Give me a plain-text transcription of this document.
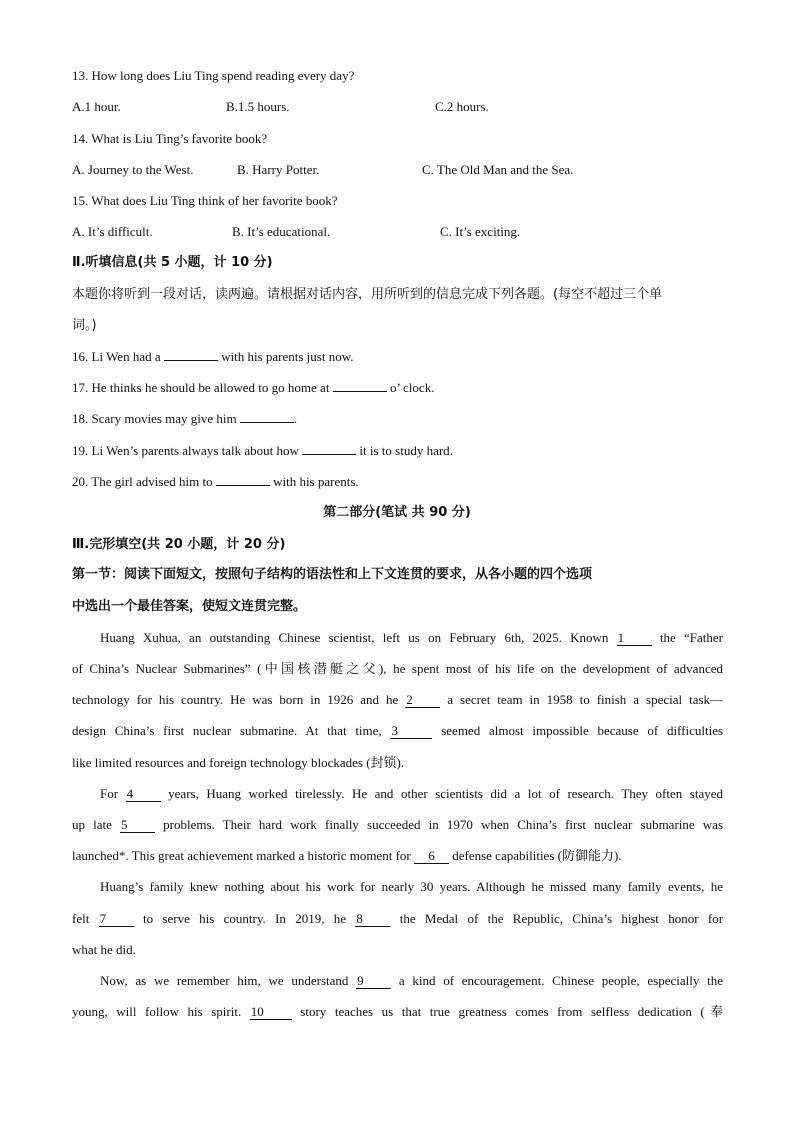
13. How long does Liu Ting spend reading every day?
A.1 hour.	B.1.5 hours.	C.2 hours.
14. What is Liu Ting’s favorite book?
A. Journey to the West.	B. Harry Potter.	C. The Old Man and the Sea.
15. What does Liu Ting think of her favorite book?
A. It’s difficult.	B. It’s educational.	C. It’s exciting.
Ⅱ.听填信息(共 5 小题，计 10 分)
本题你将听到一段对话，读两遍。请根据对话内容，用所听到的信息完成下列各题。(每空不超过三个单
词。)
16. Li Wen had a	with his parents just now.
17. He thinks he should be allowed to go home at	o’ clock.
18. Scary movies may give him	.
19. Li Wen’s parents always talk about how	it is to study hard.
20. The girl advised him to	with his parents.
第二部分(笔试 共 90 分)
Ⅲ.完形填空(共 20 小题，计 20 分)
第一节：阅读下面短文，按照句子结构的语法性和上下文连贯的要求，从各小题的四个选项
中选出一个最佳答案，使短文连贯完整。
Huang Xuhua, an outstanding Chinese scientist, left us on February 6th, 2025. Known 1	the “Father
of China’s Nuclear Submarines” (中国核潜艇之父), he spent most of his life on the development of advanced
technology for his country. He was born in 1926 and he 2	a secret team in 1958 to finish a special task—
design China’s first nuclear submarine. At that time, 3	seemed almost impossible because of difficulties
like limited resources and foreign technology blockades (封锁).
For 4	years, Huang worked tirelessly. He and other scientists did a lot of research. They often stayed
up late 5	problems. Their hard work finally succeeded in 1970 when China’s first nuclear submarine was
launched*. This great achievement marked a historic moment for 6 defense capabilities (防御能力).
Huang’s family knew nothing about his work for nearly 30 years. Although he missed many family events, he
felt 7	to serve his country. In 2019, he 8	the Medal of the Republic, China’s highest honor for
what he did.
Now, as we remember him, we understand 9	a kind of encouragement. Chinese people, especially the
young, will follow his spirit. 10	story teaches us that true greatness comes from selfless dedication (奉
